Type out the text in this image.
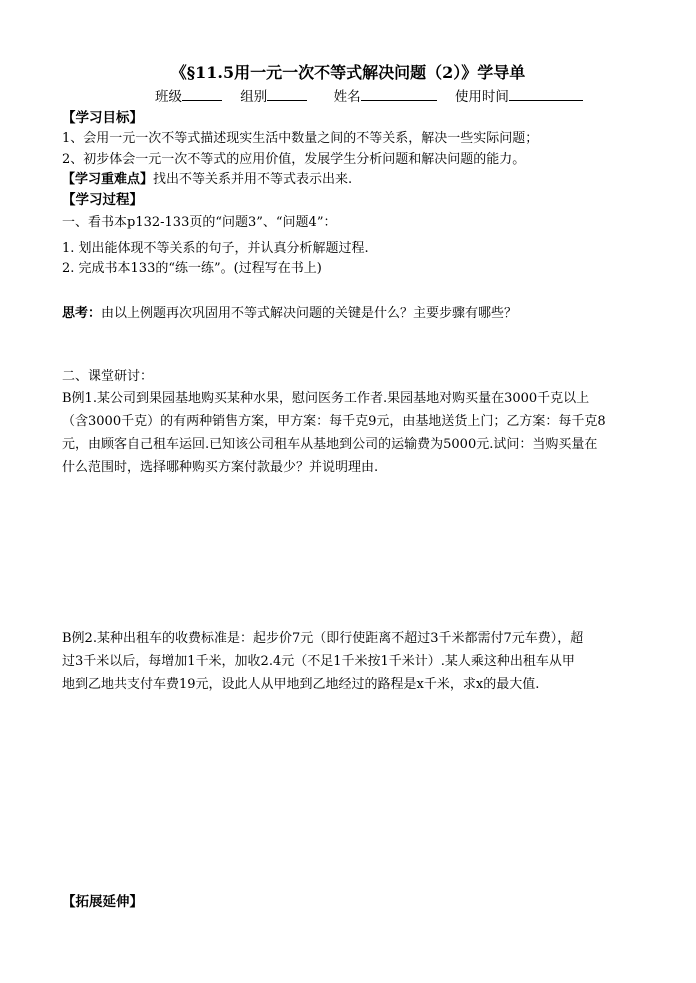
《§11.5用一元一次不等式解决问题（2）》学导单
班级	组别	姓名	使用时间
【学习目标】
1、会用一元一次不等式描述现实生活中数量之间的不等关系，解决一些实际问题；
2、初步体会一元一次不等式的应用价值，发展学生分析问题和解决问题的能力。
【学习重难点】找出不等关系并用不等式表示出来.
【学习过程】
一、看书本p132-133页的“问题3”、“问题4”：
1. 划出能体现不等关系的句子，并认真分析解题过程.
2. 完成书本133的“练一练”。(过程写在书上)
思考：由以上例题再次巩固用不等式解决问题的关键是什么？主要步骤有哪些？
二、课堂研讨：
B例1.某公司到果园基地购买某种水果，慰问医务工作者.果园基地对购买量在3000千克以上
（含3000千克）的有两种销售方案，甲方案：每千克9元，由基地送货上门；乙方案：每千克8
元，由顾客自己租车运回.已知该公司租车从基地到公司的运输费为5000元.试问：当购买量在
什么范围时，选择哪种购买方案付款最少？并说明理由.
B例2.某种出租车的收费标准是：起步价7元（即行使距离不超过3千米都需付7元车费），超
过3千米以后，每增加1千米，加收2.4元（不足1千米按1千米计）.某人乘这种出租车从甲
地到乙地共支付车费19元，设此人从甲地到乙地经过的路程是x千米，求x的最大值.
【拓展延伸】
